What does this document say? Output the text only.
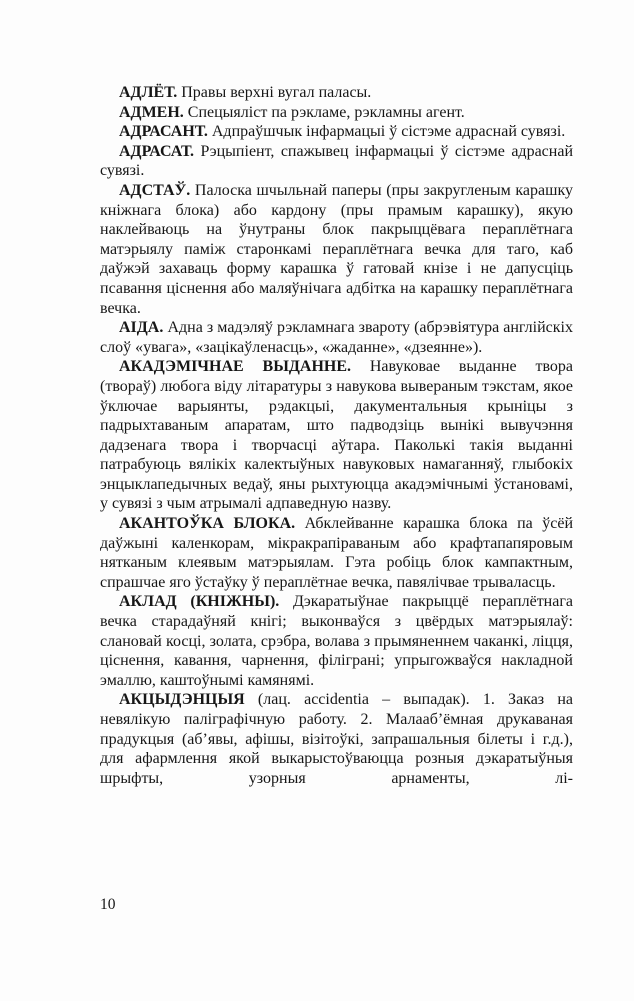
АДЛЁТ. Правы верхні вугал паласы.

АДМЕН. Спецыяліст па рэкламе, рэкламны агент.

АДРАСАНТ. Адпраўшчык інфармацыі ў сістэме адраснай сувязі.

АДРАСАТ. Рэцыпіент, спажывец інфармацыі ў сістэме адраснай сувязі.

АДСТАЎ. Палоска шчыльнай паперы (пры закругленым карашку кніжнага блока) або кардону (пры прамым карашку), якую наклейваюць на ўнутраны блок пакрыццёвага пераплётнага матэрыялу паміж старонкамі пераплётнага вечка для таго, каб даўжэй захаваць форму карашка ў гатовай кнізе і не дапусціць псавання ціснення або маляўнічага адбітка на карашку пераплётнага вечка.

АІДА. Адна з мадэляў рэкламнага звароту (абрэвіятура англійскіх слоў «увага», «зацікаўленасць», «жаданне», «дзеянне»).

АКАДЭМІЧНАЕ ВЫДАННЕ. Навуковае выданне твора (твораў) любога віду літаратуры з навукова вывераным тэкстам, якое ўключае варыянты, рэдакцыі, дакументальныя крыніцы з падрыхтаваным апаратам, што падводзіць вынікі вывучэння дадзенага твора і творчасці аўтара. Паколькі такія выданні патрабуюць вялікіх калектыўных навуковых намаганняў, глыбокіх энцыклапедычных ведаў, яны рыхтуюцца акадэмічнымі ўстановамі, у сувязі з чым атрымалі адпаведную назву.

АКАНТОЎКА БЛОКА. Абклейванне карашка блока па ўсёй даўжыні каленкорам, мікракрапіраваным або крафтапапяровым нятканым клеявым матэрыялам. Гэта робіць блок кампактным, спрашчае яго ўстаўку ў пераплётнае вечка, павялічвае трываласць.

АКЛАД (КНІЖНЫ). Дэкаратыўнае пакрыццё пераплётнага вечка старадаўняй кнігі; выконваўся з цвёрдых матэрыялаў: слановай косці, золата, срэбра, волава з прымяненнем чаканкі, ліцця, ціснення, кавання, чарнення, філіграні; упрыгожваўся накладной эмаллю, каштоўнымі камянямі.

АКЦЫДЭНЦЫЯ (лац. accidentia – выпадак). 1. Заказ на невялікую паліграфічную работу. 2. Малааб’ёмная друкаваная прадукцыя (аб’явы, афішы, візітоўкі, запрашальныя білеты і г.д.), для афармлення якой выкарыстоўваюцца розныя дэкаратыўныя шрыфты, узорныя арнаменты, лі-

10
